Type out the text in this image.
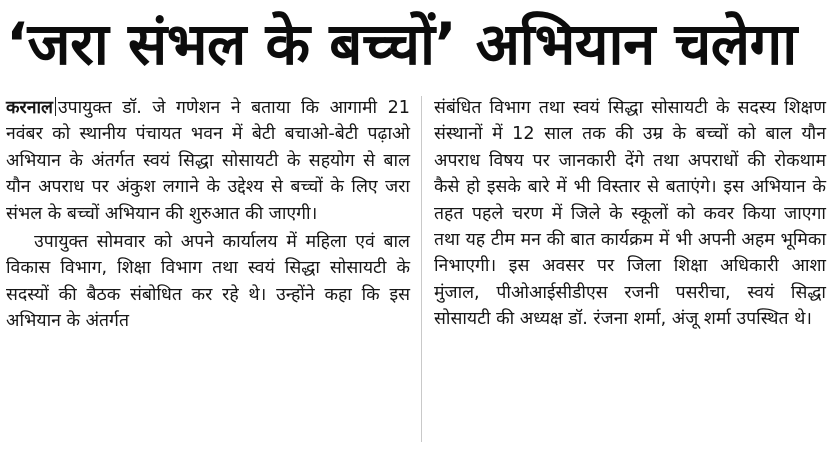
‘जरा संभल के बच्चों’ अभियान चलेगा

करनाल उपायुक्त डॉ. जे गणेशन ने बताया कि आगामी 21 नवंबर को स्थानीय पंचायत भवन में बेटी बचाओ-बेटी पढ़ाओ अभियान के अंतर्गत स्वयं सिद्धा सोसायटी के सहयोग से बाल यौन अपराध पर अंकुश लगाने के उद्देश्य से बच्चों के लिए जरा संभल के बच्चों अभियान की शुरुआत की जाएगी।

उपायुक्त सोमवार को अपने कार्यालय में महिला एवं बाल विकास विभाग, शिक्षा विभाग तथा स्वयं सिद्धा सोसायटी के सदस्यों की बैठक संबोधित कर रहे थे। उन्होंने कहा कि इस अभियान के अंतर्गत

संबंधित विभाग तथा स्वयं सिद्धा सोसायटी के सदस्य शिक्षण संस्थानों में 12 साल तक की उम्र के बच्चों को बाल यौन अपराध विषय पर जानकारी देंगे तथा अपराधों की रोकथाम कैसे हो इसके बारे में भी विस्तार से बताएंगे। इस अभियान के तहत पहले चरण में जिले के स्कूलों को कवर किया जाएगा तथा यह टीम मन की बात कार्यक्रम में भी अपनी अहम भूमिका निभाएगी। इस अवसर पर जिला शिक्षा अधिकारी आशा मुंजाल, पीओआईसीडीएस रजनी पसरीचा, स्वयं सिद्धा सोसायटी की अध्यक्ष डॉ. रंजना शर्मा, अंजू शर्मा उपस्थित थे।
